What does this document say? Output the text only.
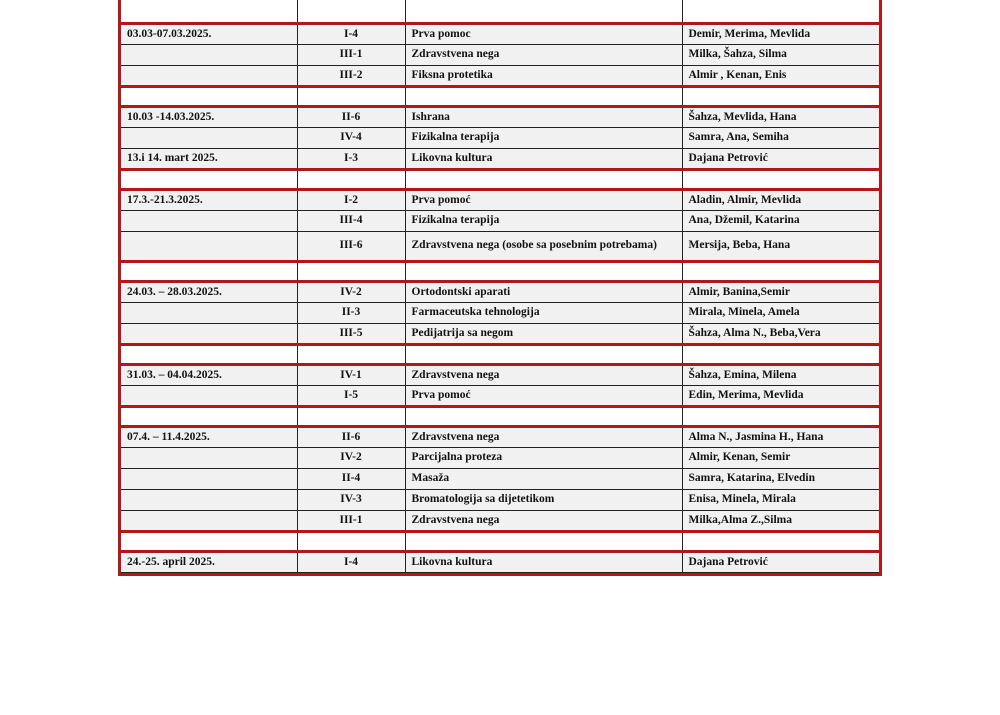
03.03-07.03.2025.	I-4	Prva pomoc	Demir, Merima, Mevlida
	III-1	Zdravstvena nega	Milka, Šahza, Silma
	III-2	Fiksna protetika	Almir , Kenan, Enis

10.03 -14.03.2025.	II-6	Ishrana	Šahza, Mevlida, Hana
	IV-4	Fizikalna terapija	Samra, Ana, Semiha
13.i 14. mart 2025.	I-3	Likovna kultura	Dajana Petrović

17.3.-21.3.2025.	I-2	Prva pomoć	Aladin, Almir, Mevlida
	III-4	Fizikalna terapija	Ana, Džemil, Katarina
	III-6	Zdravstvena nega (osobe sa posebnim potrebama)	Mersija, Beba, Hana

24.03. – 28.03.2025.	IV-2	Ortodontski aparati	Almir, Banina,Semir
	II-3	Farmaceutska tehnologija	Mirala, Minela, Amela
	III-5	Pedijatrija sa negom	Šahza, Alma N., Beba,Vera

31.03. – 04.04.2025.	IV-1	Zdravstvena nega	Šahza, Emina, Milena
	I-5	Prva pomoć	Edin, Merima, Mevlida

07.4. – 11.4.2025.	II-6	Zdravstvena nega	Alma N., Jasmina H., Hana
	IV-2	Parcijalna proteza	Almir, Kenan, Semir
	II-4	Masaža	Samra, Katarina, Elvedin
	IV-3	Bromatologija sa dijetetikom	Enisa, Minela, Mirala
	III-1	Zdravstvena nega	Milka,Alma Z.,Silma

24.-25. april 2025.	I-4	Likovna kultura	Dajana Petrović
